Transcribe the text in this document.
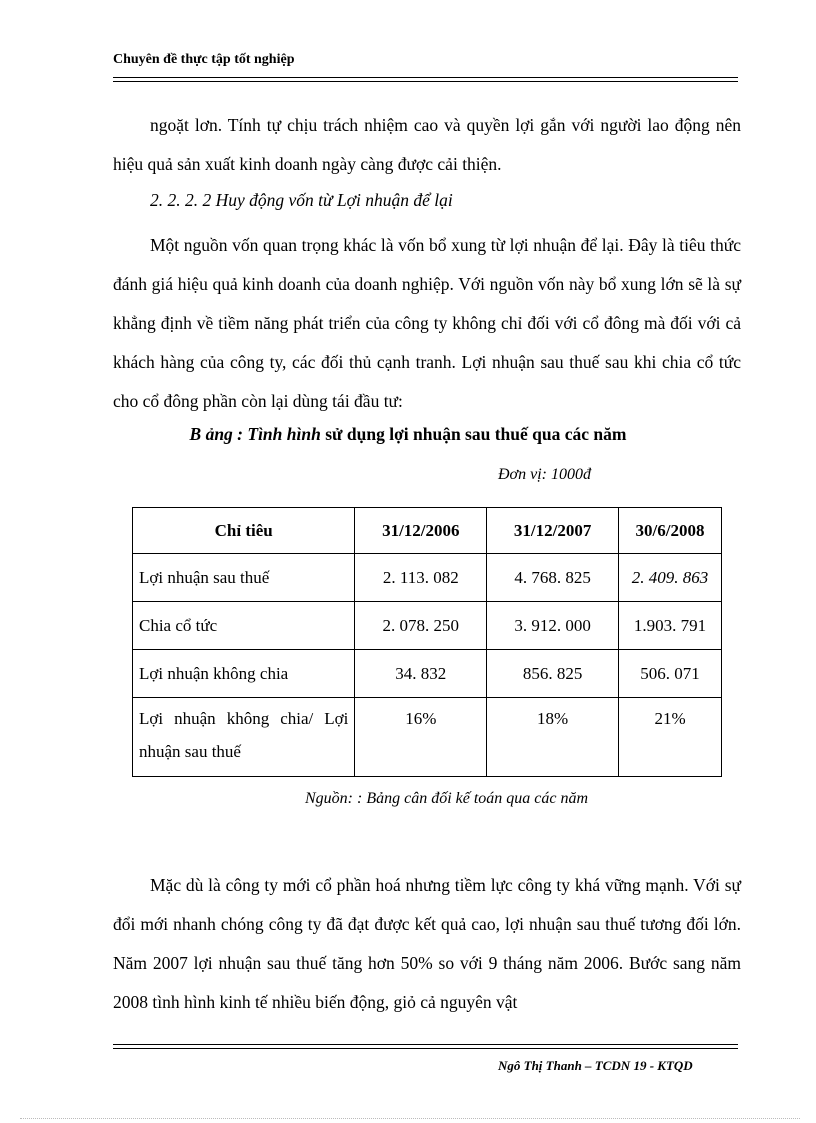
Chuyên đề thực tập tốt nghiệp
ngoặt lơn. Tính tự chịu trách nhiệm cao và quyền lợi gắn với người lao động nên hiệu quả sản xuất kinh doanh ngày càng được cải thiện.
2. 2. 2. 2 Huy động vốn từ Lợi nhuận để lại
Một nguồn vốn quan trọng khác là vốn bổ xung từ lợi nhuận để lại. Đây là tiêu thức đánh giá hiệu quả kinh doanh của doanh nghiệp. Với nguồn vốn này bổ xung lớn sẽ là sự khẳng định về tiềm năng phát triển của công ty không chỉ đối với cổ đông mà đối với cả khách hàng của công ty, các đối thủ cạnh tranh. Lợi nhuận sau thuế sau khi chia cổ tức cho cổ đông phần còn lại dùng tái đầu tư:
B ảng : Tình hình sử dụng lợi nhuận sau thuế qua các năm
Đơn vị: 1000đ
Chỉ tiêu	31/12/2006	31/12/2007	30/6/2008
Lợi nhuận sau thuế	2. 113. 082	4. 768. 825	2. 409. 863
Chia cổ tức	2. 078. 250	3. 912. 000	1.903. 791
Lợi nhuận không chia	34. 832	856. 825	506. 071
Lợi nhuận không chia/ Lợi nhuận sau thuế	16%	18%	21%
Nguồn: : Bảng cân đối kế toán qua các năm
Mặc dù là công ty mới cổ phần hoá nhưng tiềm lực công ty khá vững mạnh. Với sự đổi mới nhanh chóng công ty đã đạt được kết quả cao, lợi nhuận sau thuế tương đối lớn. Năm 2007 lợi nhuận sau thuế tăng hơn 50% so với 9 tháng năm 2006. Bước sang năm 2008 tình hình kinh tế nhiều biến động, giỏ cả nguyên vật
Ngô Thị Thanh – TCDN 19 - KTQD
